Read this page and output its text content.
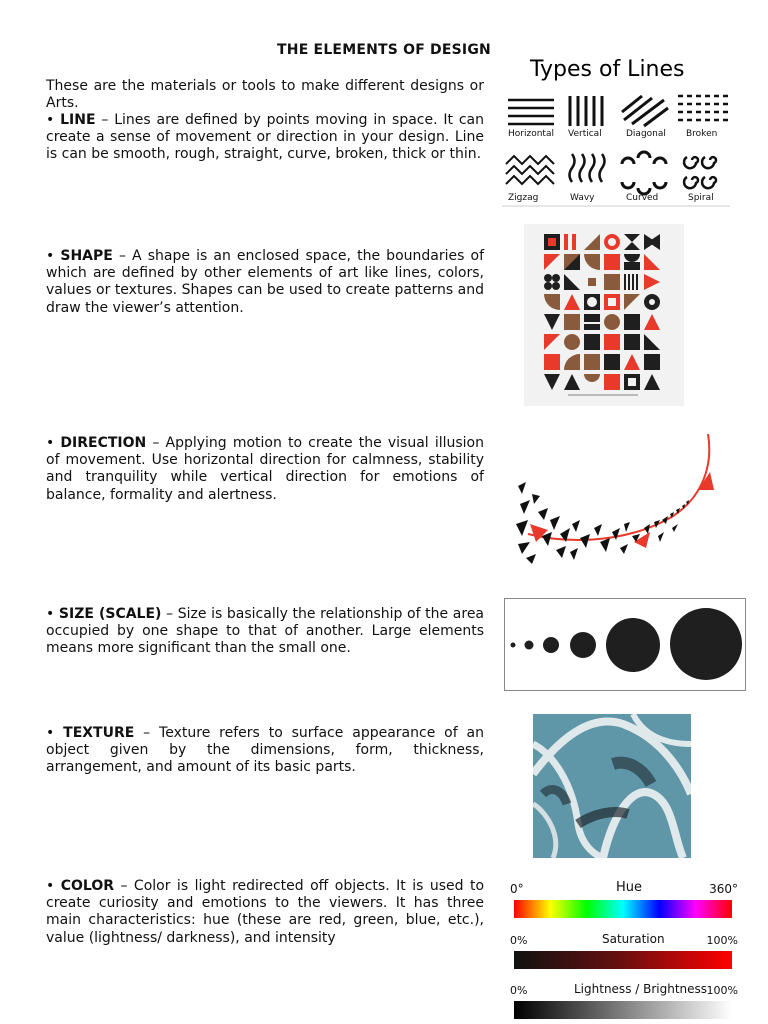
THE ELEMENTS OF DESIGN

These are the materials or tools to make different designs or Arts.

• LINE – Lines are defined by points moving in space. It can create a sense of movement or direction in your design. Line is can be smooth, rough, straight, curve, broken, thick or thin.

• SHAPE – A shape is an enclosed space, the boundaries of which are defined by other elements of art like lines, colors, values or textures. Shapes can be used to create patterns and draw the viewer’s attention.

• DIRECTION – Applying motion to create the visual illusion of movement. Use horizontal direction for calmness, stability and tranquility while vertical direction for emotions of balance, formality and alertness.

• SIZE (SCALE) – Size is basically the relationship of the area occupied by one shape to that of another. Large elements means more significant than the small one.

• TEXTURE – Texture refers to surface appearance of an object given by the dimensions, form, thickness, arrangement, and amount of its basic parts.

• COLOR – Color is light redirected off objects. It is used to create curiosity and emotions to the viewers. It has three main characteristics: hue (these are red, green, blue, etc.), value (lightness/ darkness), and intensity

Types of Lines
Horizontal Vertical	Diagonal Broken
Zigzag	Wavy	Curved	Spiral
0°	Hue	360°
0%	Saturation	100%
0%	Lightness / Brightness 100%
